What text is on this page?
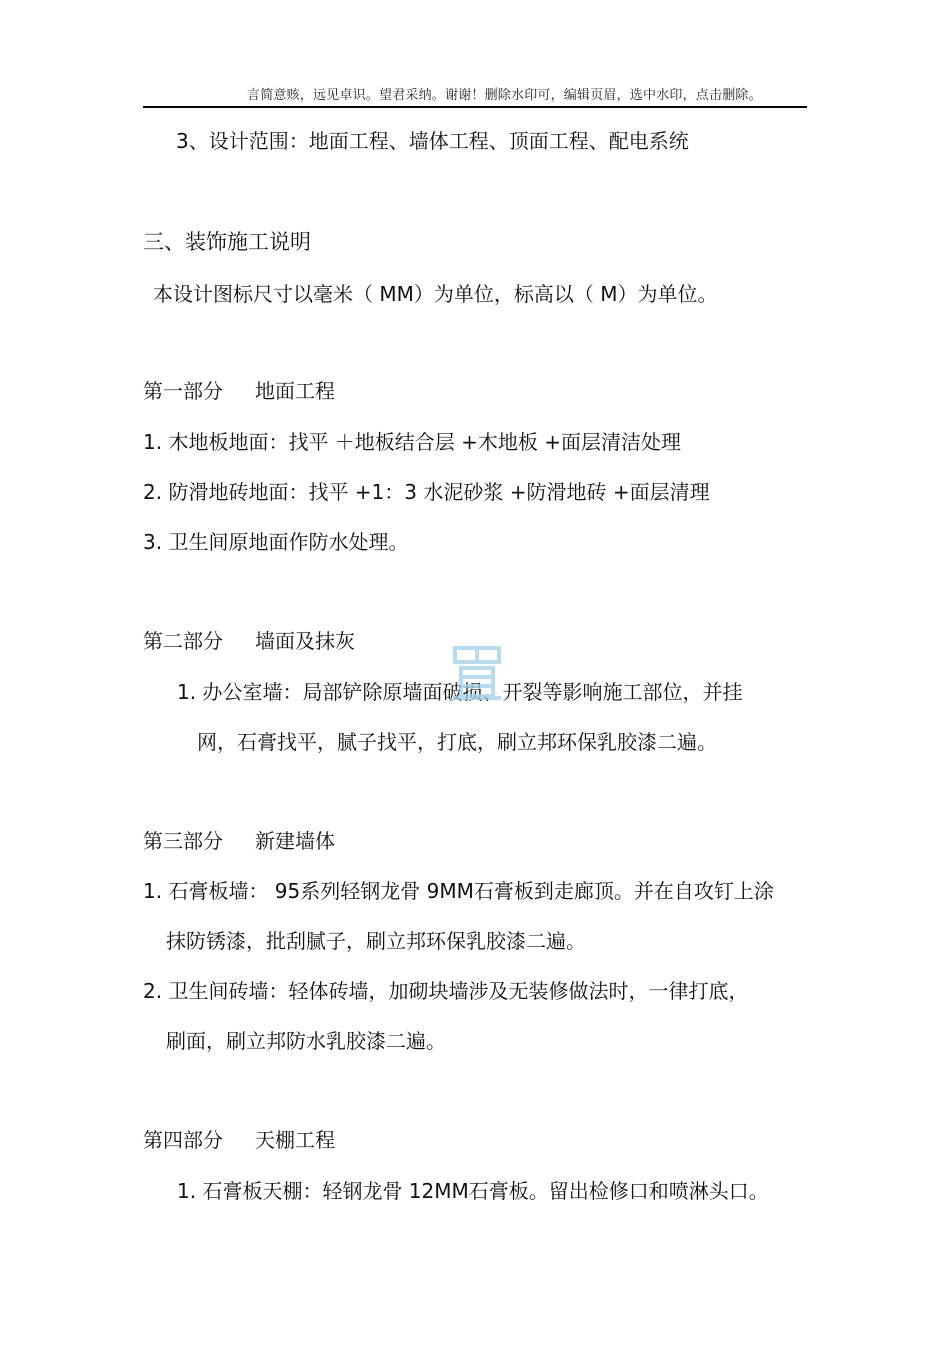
言简意赅，远见卓识。望君采纳。谢谢！删除水印可，编辑页眉，选中水印，点击删除。
3、设计范围：地面工程、墙体工程、顶面工程、配电系统
三、装饰施工说明
本设计图标尺寸以毫米（ MM）为单位，标高以（ M）为单位。
第一部分 地面工程
1. 木地板地面：找平 ＋地板结合层 +木地板 +面层清洁处理
2. 防滑地砖地面：找平 +1：3 水泥砂浆 +防滑地砖 +面层清理
3. 卫生间原地面作防水处理。
第二部分 墙面及抹灰
1. 办公室墙：局部铲除原墙面破损、开裂等影响施工部位，并挂
网，石膏找平，腻子找平，打底，刷立邦环保乳胶漆二遍。
第三部分 新建墙体
1. 石膏板墙： 95系列轻钢龙骨 9MM石膏板到走廊顶。并在自攻钉上涂
抹防锈漆，批刮腻子，刷立邦环保乳胶漆二遍。
2. 卫生间砖墙：轻体砖墙，加砌块墙涉及无装修做法时，一律打底，
刷面，刷立邦防水乳胶漆二遍。
第四部分 天棚工程
1. 石膏板天棚：轻钢龙骨 12MM石膏板。留出检修口和喷淋头口。
